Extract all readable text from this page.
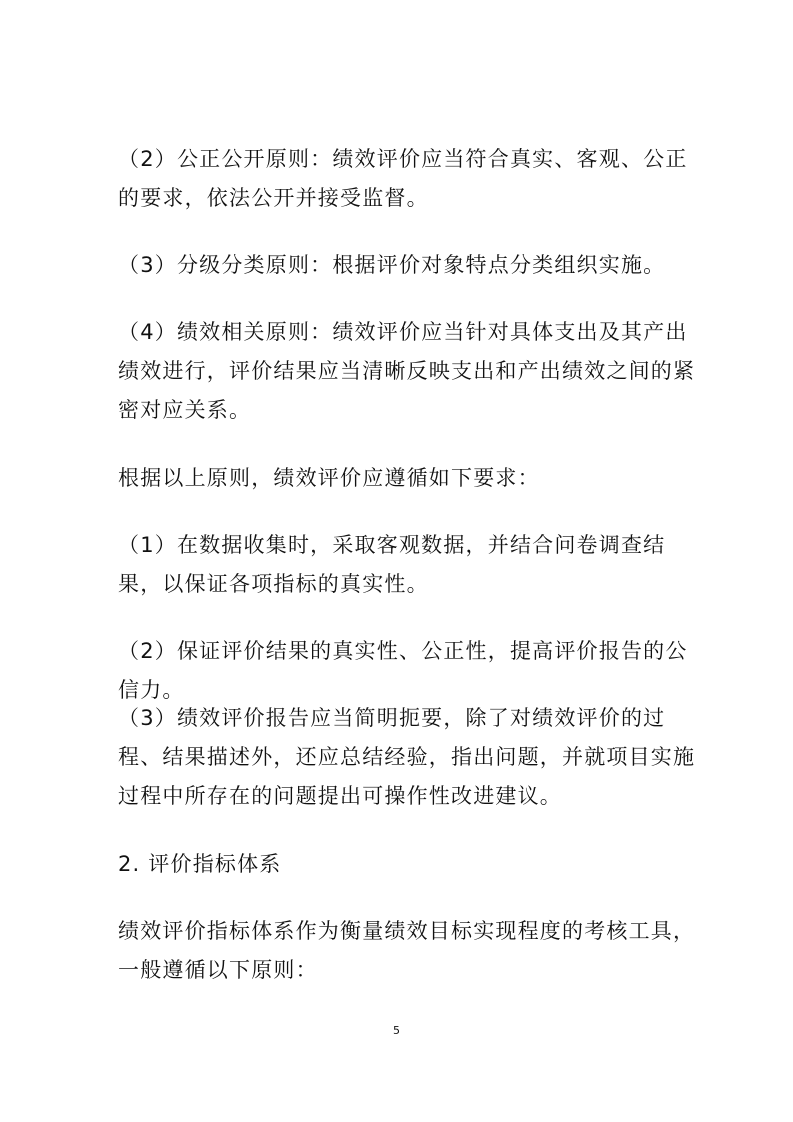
（2）公正公开原则：绩效评价应当符合真实、客观、公正的要求，依法公开并接受监督。

（3）分级分类原则：根据评价对象特点分类组织实施。

（4）绩效相关原则：绩效评价应当针对具体支出及其产出绩效进行，评价结果应当清晰反映支出和产出绩效之间的紧密对应关系。

根据以上原则，绩效评价应遵循如下要求：

（1）在数据收集时，采取客观数据，并结合问卷调查结果，以保证各项指标的真实性。

（2）保证评价结果的真实性、公正性，提高评价报告的公信力。

（3）绩效评价报告应当简明扼要，除了对绩效评价的过程、结果描述外，还应总结经验，指出问题，并就项目实施过程中所存在的问题提出可操作性改进建议。

2. 评价指标体系

绩效评价指标体系作为衡量绩效目标实现程度的考核工具，一般遵循以下原则：

5
